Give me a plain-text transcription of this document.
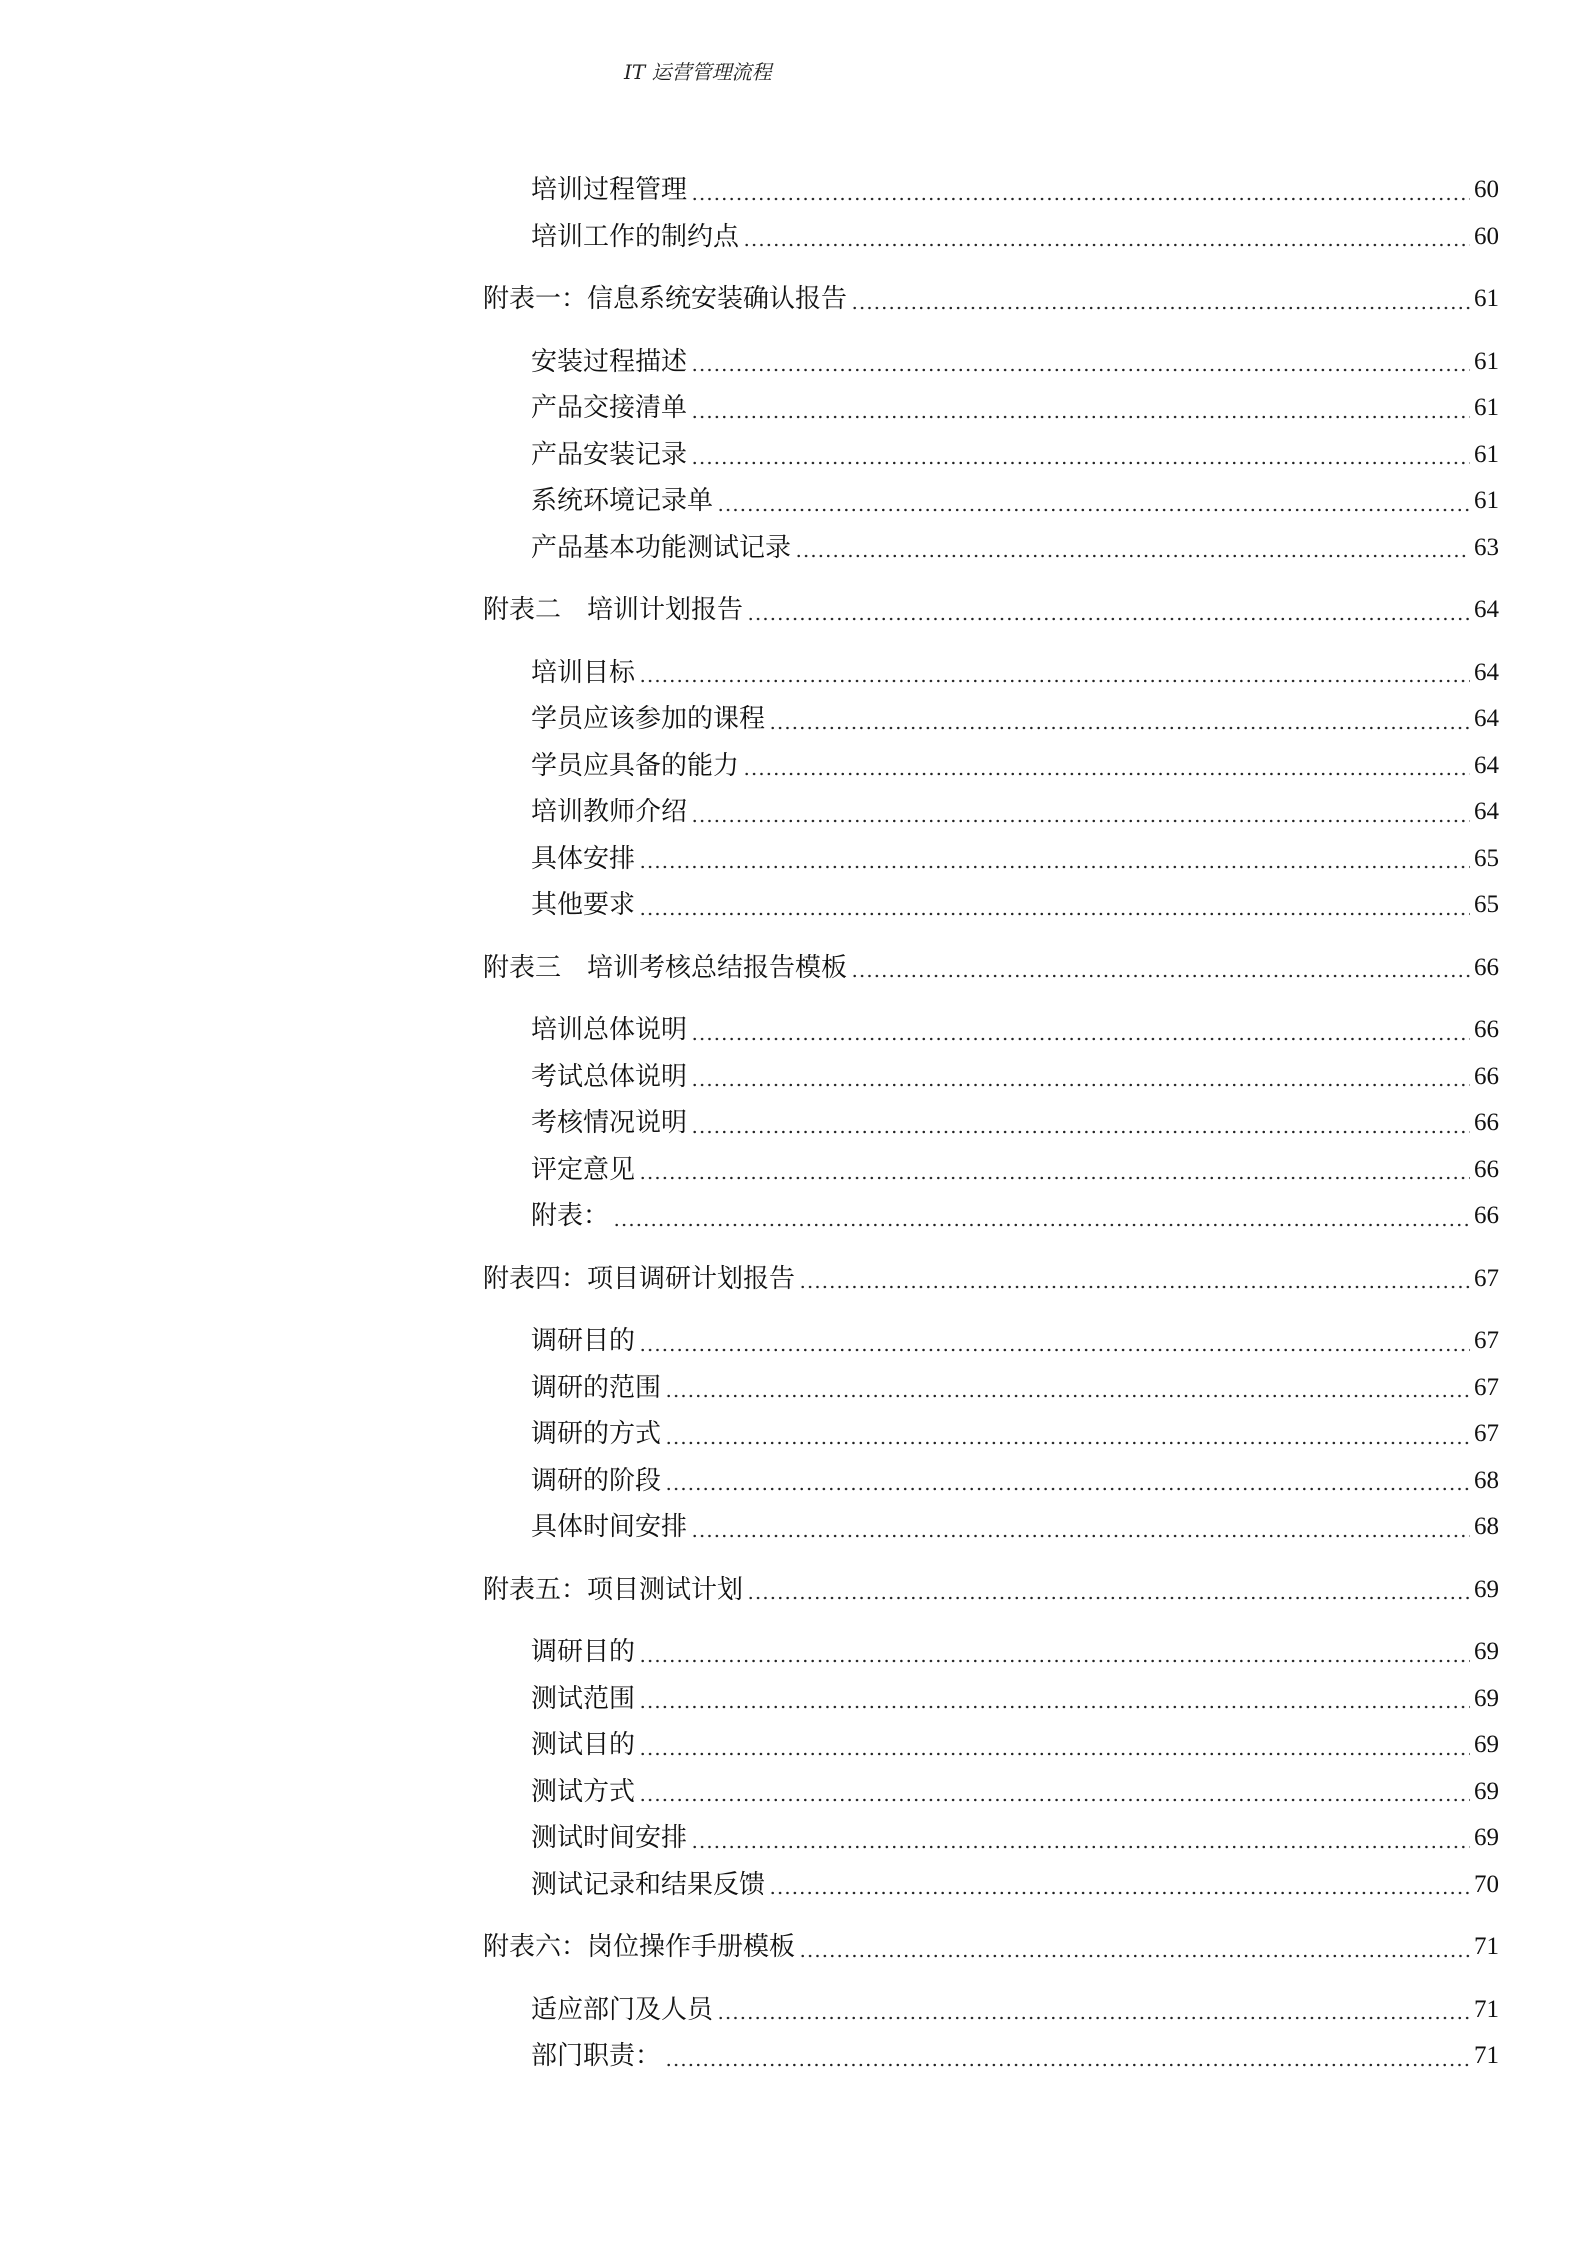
IT 运营管理流程
培训过程管理	60
培训工作的制约点	60
附表一：信息系统安装确认报告	61
安装过程描述	61
产品交接清单	61
产品安装记录	61
系统环境记录单	61
产品基本功能测试记录	63
附表二　培训计划报告	64
培训目标	64
学员应该参加的课程	64
学员应具备的能力	64
培训教师介绍	64
具体安排	65
其他要求	65
附表三　培训考核总结报告模板	66
培训总体说明	66
考试总体说明	66
考核情况说明	66
评定意见	66
附表：	66
附表四：项目调研计划报告	67
调研目的	67
调研的范围	67
调研的方式	67
调研的阶段	68
具体时间安排	68
附表五：项目测试计划	69
调研目的	69
测试范围	69
测试目的	69
测试方式	69
测试时间安排	69
测试记录和结果反馈	70
附表六：岗位操作手册模板	71
适应部门及人员	71
部门职责：	71
